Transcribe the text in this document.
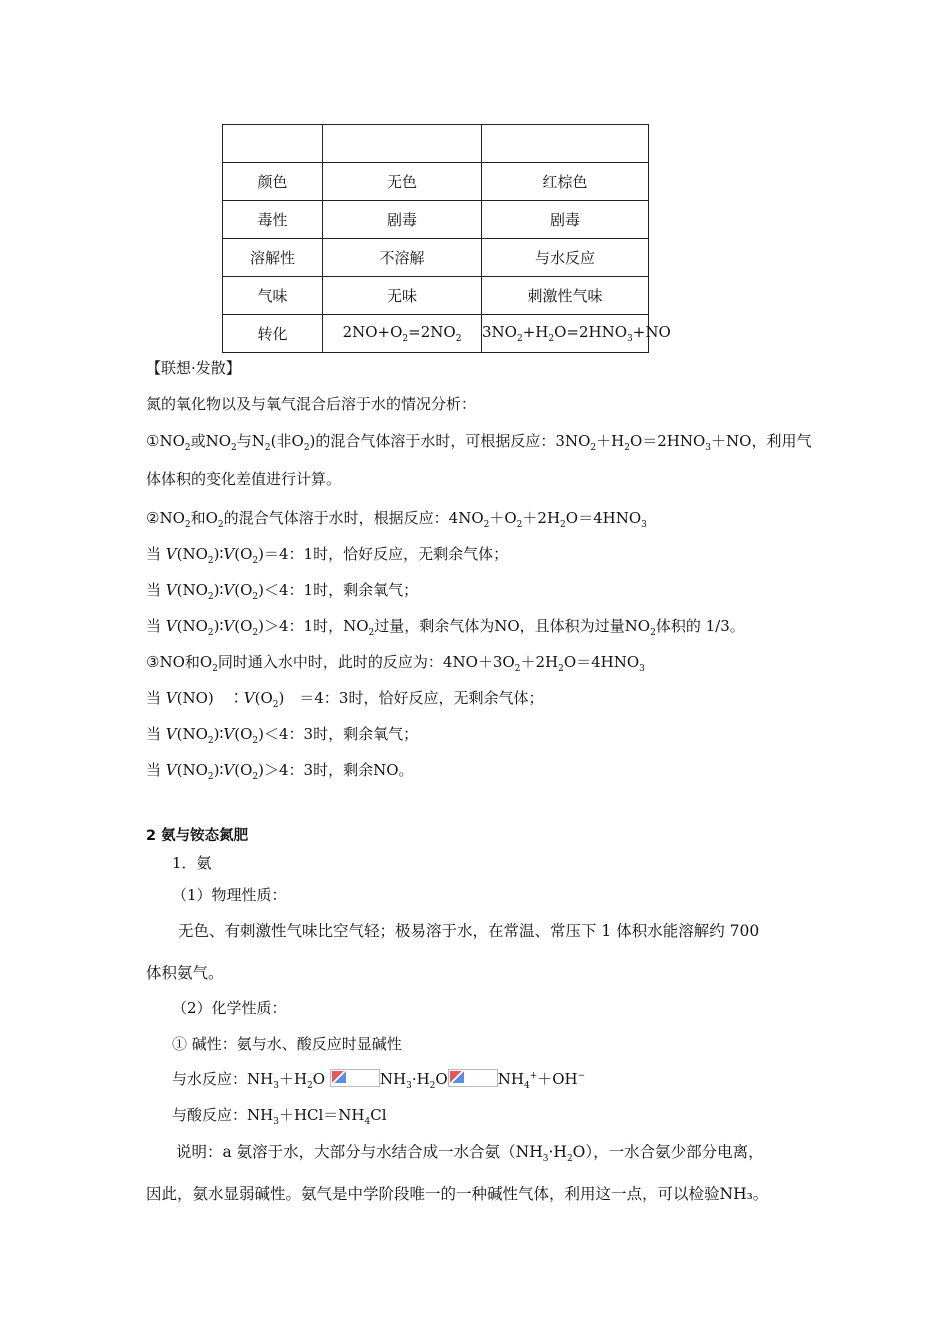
颜色	无色	红棕色
毒性	剧毒	剧毒
溶解性	不溶解	与水反应
气味	无味	刺激性气味
转化	$2NO+O_2=2NO_2$	$3NO_2+H_2O=2HNO_3+NO$
【联想·发散】
氮的氧化物以及与氧气混合后溶于水的情况分析：
$①NO_2$或$NO_2$与$N_2$(非$O_2$)的混合气体溶于水时，可根据反应：$3NO_2+H_2O=2HNO_3+NO$，利用气
体体积的变化差值进行计算。
$②NO_2$和$O_2$的混合气体溶于水时，根据反应：$4NO_2+O_2+2H_2O=4HNO_3$
当 $V(NO_2)∶V(O_2)=4$：1时，恰好反应，无剩余气体；
当 $V(NO_2)∶V(O_2)<4$：1时，剩余氧气；
当 $V(NO_2)∶V(O_2)>4$：1时，$NO_2$过量，剩余气体为NO，且体积为过量$NO_2$体积的 1/3。
③NO和$O_2$同时通入水中时，此时的反应为：$4NO+3O_2+2H_2O=4HNO_3$
当 V(NO)　$∶V(O_2)$　＝4：3时，恰好反应，无剩余气体；
当 $V(NO_2)∶V(O_2)<4$：3时，剩余氧气；
当 $V(NO_2)∶V(O_2)>4$：3时，剩余NO。
2 氨与铵态氮肥
1．氨
（1）物理性质：
无色、有刺激性气味比空气轻；极易溶于水，在常温、常压下 1 体积水能溶解约 700
体积氨气。
（2）化学性质：
① 碱性：氨与水、酸反应时显碱性
与水反应：$NH_3+H_2O$	$NH_3\cdot H_2O$	$NH_4^++OH^-$
与酸反应：$NH_3+HCl=NH_4Cl$
说明：a 氨溶于水，大部分与水结合成一水合氨$(NH_3\cdot H_2O)$，一水合氨少部分电离，
因此，氨水显弱碱性。氨气是中学阶段唯一的一种碱性气体，利用这一点，可以检验NH₃。
